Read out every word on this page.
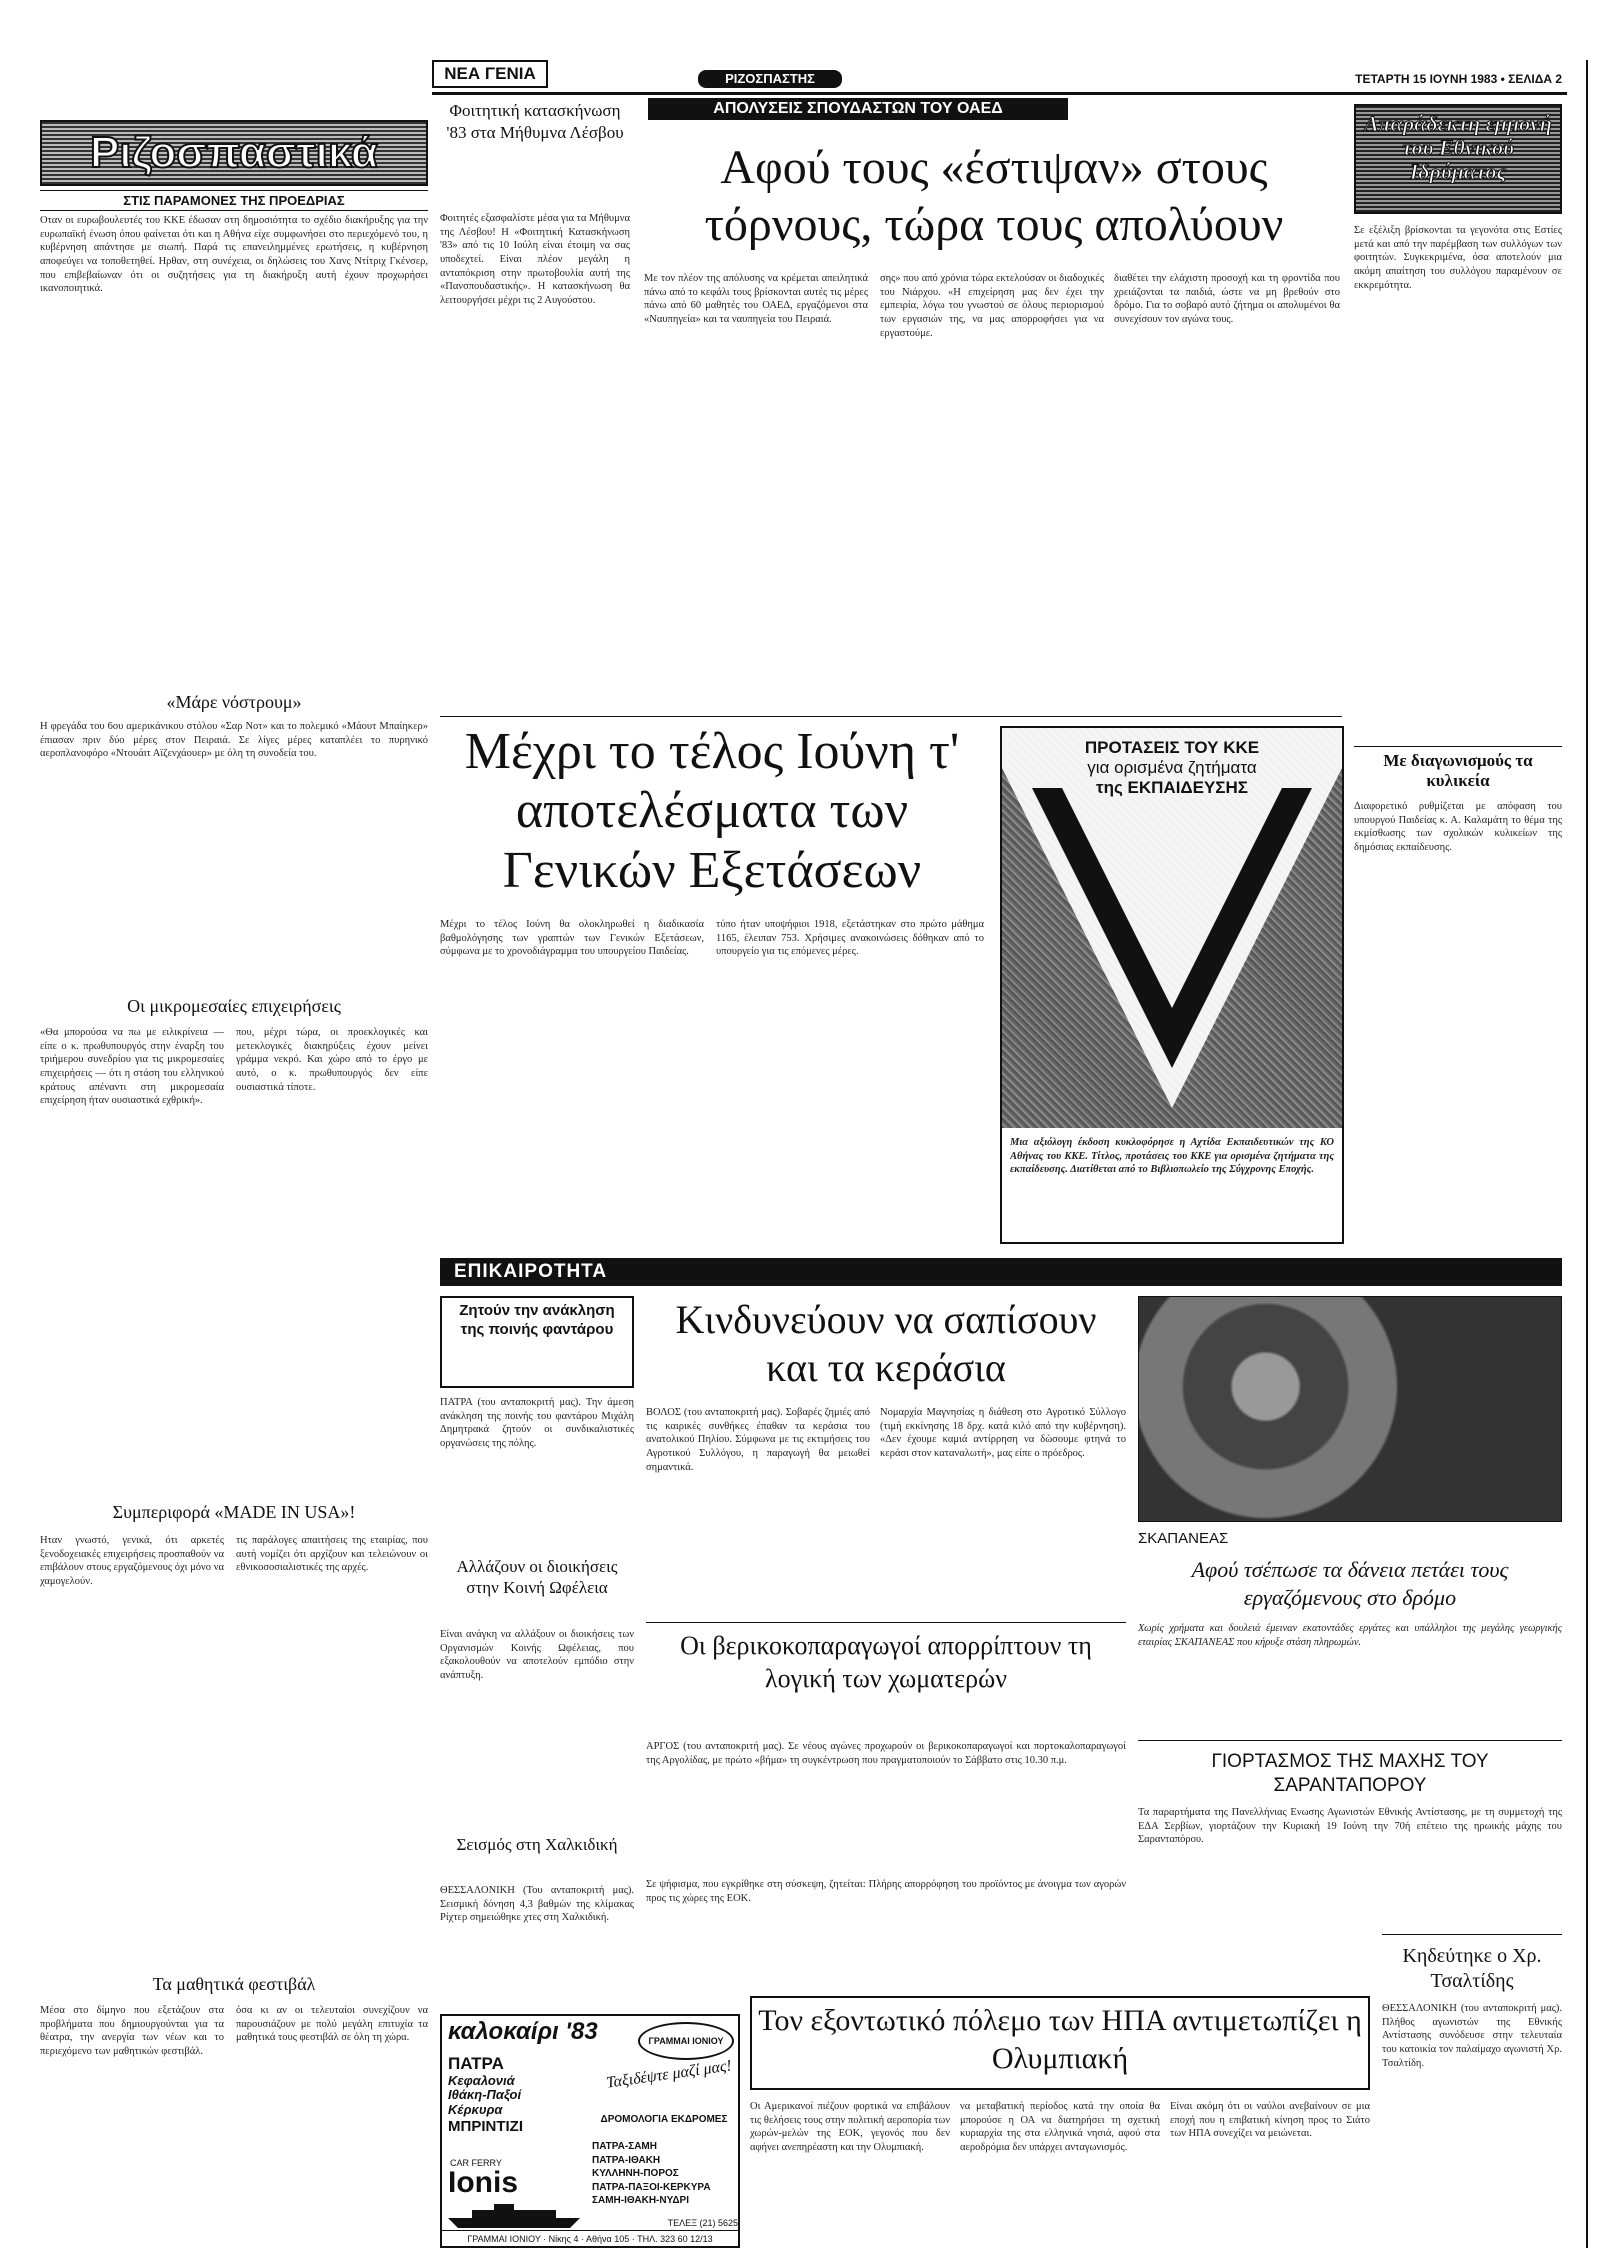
ΝΕΑ ΓΕΝΙΑ	ΡΙΖΟΣΠΑΣΤΗΣ	ΤΕΤΑΡΤΗ 15 ΙΟΥΝΗ 1983 • ΣΕΛΙΔΑ 2
Ριζοσπαστικά
ΣΤΙΣ ΠΑΡΑΜΟΝΕΣ ΤΗΣ ΠΡΟΕΔΡΙΑΣ
Οταν οι ευρωβουλευτές του ΚΚΕ έδωσαν στη δημοσιότητα το σχέδιο διακήρυξης για την ευρωπαϊκή ένωση όπου φαίνεται ότι και η Αθήνα είχε συμφωνήσει στο περιεχόμενό του, η κυβέρνηση απάντησε με σιωπή. Παρά τις επανειλημμένες ερωτήσεις, η κυβέρνηση αποφεύγει να τοποθετηθεί. Ηρθαν, στη συνέχεια, οι δηλώσεις του Χανς Ντίτριχ Γκένσερ, που επιβεβαίωναν ότι οι συζητήσεις για τη διακήρυξη αυτή έχουν προχωρήσει ικανοποιητικά.
«Μάρε νόστρουμ»
Η φρεγάδα του 6ου αμερικάνικου στόλου «Σαρ Νοτ» και το πολεμικό «Μάουτ Μπαίηκερ» έπιασαν πριν δύο μέρες στον Πειραιά. Σε λίγες μέρες καταπλέει το πυρηνικό αεροπλανοφόρο «Ντουάιτ Αϊζενχάουερ» με όλη τη συνοδεία του.
Οι μικρομεσαίες επιχειρήσεις
«Θα μπορούσα να πω με ειλικρίνεια — είπε ο κ. πρωθυπουργός στην έναρξη του τριήμερου συνεδρίου για τις μικρομεσαίες επιχειρήσεις — ότι η στάση του ελληνικού κράτους απέναντι στη μικρομεσαία επιχείρηση ήταν ουσιαστικά εχθρική».
που, μέχρι τώρα, οι προεκλογικές και μετεκλογικές διακηρύξεις έχουν μείνει γράμμα νεκρό. Και χώρο από το έργο με αυτό, ο κ. πρωθυπουργός δεν είπε ουσιαστικά τίποτε.
Συμπεριφορά «MADE IN USA»!
Ηταν γνωστό, γενικά, ότι αρκετές ξενοδοχειακές επιχειρήσεις προσπαθούν να επιβάλουν στους εργαζόμενους όχι μόνο να χαμογελούν.
τις παράλογες απαιτήσεις της εταιρίας, που αυτή νομίζει ότι αρχίζουν και τελειώνουν οι εθνικοσοσιαλιστικές της αρχές.
Τα μαθητικά φεστιβάλ
Μέσα στο δίμηνο που εξετάζουν στα προβλήματα που δημιουργούνται για τα θέατρα, την ανεργία των νέων και το περιεχόμενο των μαθητικών φεστιβάλ.
όσα κι αν οι τελευταίοι συνεχίζουν να παρουσιάζουν με πολύ μεγάλη επιτυχία τα μαθητικά τους φεστιβάλ σε όλη τη χώρα.
Φοιτητική κατασκήνωση '83 στα Μήθυμνα Λέσβου
Φοιτητές εξασφαλίστε μέσα για τα Μήθυμνα της Λέσβου! Η «Φοιτητική Κατασκήνωση '83» από τις 10 Ιούλη είναι έτοιμη να σας υποδεχτεί. Είναι πλέον μεγάλη η ανταπόκριση στην πρωτοβουλία αυτή της «Πανσπουδαστικής». Η κατασκήνωση θα λειτουργήσει μέχρι τις 2 Αυγούστου.
ΑΠΟΛΥΣΕΙΣ ΣΠΟΥΔΑΣΤΩΝ ΤΟΥ ΟΑΕΔ
Αφού τους «έστιψαν» στους τόρνους, τώρα τους απολύουν
Με τον πλέον της απόλυσης να κρέμεται απειλητικά πάνω από το κεφάλι τους βρίσκονται αυτές τις μέρες πάνω από 60 μαθητές του ΟΑΕΔ, εργαζόμενοι στα «Ναυπηγεία» και τα ναυπηγεία του Πειραιά.
σης» που από χρόνια τώρα εκτελούσαν οι διαδοχικές του Νιάρχου. «Η επιχείρηση μας δεν έχει την εμπειρία, λόγω του γνωστού σε όλους περιορισμού των εργασιών της, να μας απορροφήσει για να εργαστούμε.
διαθέτει την ελάχιστη προσοχή και τη φροντίδα που χρειάζονται τα παιδιά, ώστε να μη βρεθούν στο δρόμο. Για το σοβαρό αυτό ζήτημα οι απολυμένοι θα συνεχίσουν τον αγώνα τους.
Απαράδεκτη εμμονή του Εθνικού Ιδρύματος
Σε εξέλιξη βρίσκονται τα γεγονότα στις Εστίες μετά και από την παρέμβαση των συλλόγων των φοιτητών. Συγκεκριμένα, όσα αποτελούν μια ακόμη απαίτηση του συλλόγου παραμένουν σε εκκρεμότητα.
Με διαγωνισμούς τα κυλικεία
Διαφορετικό ρυθμίζεται με απόφαση του υπουργού Παιδείας κ. Α. Καλαμάτη το θέμα της εκμίσθωσης των σχολικών κυλικείων της δημόσιας εκπαίδευσης.
Μέχρι το τέλος Ιούνη τ' αποτελέσματα των Γενικών Εξετάσεων
Μέχρι το τέλος Ιούνη θα ολοκληρωθεί η διαδικασία βαθμολόγησης των γραπτών των Γενικών Εξετάσεων, σύμφωνα με το χρονοδιάγραμμα του υπουργείου Παιδείας.
τύπο ήταν υποψήφιοι 1918, εξετάστηκαν στο πρώτο μάθημα 1165, έλειπαν 753. Χρήσιμες ανακοινώσεις δόθηκαν από το υπουργείο για τις επόμενες μέρες.
ΠΡΟΤΑΣΕΙΣ ΤΟΥ ΚΚΕ
για ορισμένα ζητήματα
της ΕΚΠΑΙΔΕΥΣΗΣ
Μια αξιόλογη έκδοση κυκλοφόρησε η Αχτίδα Εκπαιδευτικών της ΚΟ Αθήνας του ΚΚΕ. Τίτλος, προτάσεις του ΚΚΕ για ορισμένα ζητήματα της εκπαίδευσης. Διατίθεται από το Βιβλιοπωλείο της Σύγχρονης Εποχής.
ΕΠΙΚΑΙΡΟΤΗΤΑ
Ζητούν την ανάκληση της ποινής φαντάρου
ΠΑΤΡΑ (του ανταποκριτή μας). Την άμεση ανάκληση της ποινής του φαντάρου Μιχάλη Δημητρακά ζητούν οι συνδικαλιστικές οργανώσεις της πόλης.
Αλλάζουν οι διοικήσεις στην Κοινή Ωφέλεια
Είναι ανάγκη να αλλάξουν οι διοικήσεις των Οργανισμών Κοινής Ωφέλειας, που εξακολουθούν να αποτελούν εμπόδιο στην ανάπτυξη.
Σεισμός στη Χαλκιδική
ΘΕΣΣΑΛΟΝΙΚΗ (Του ανταποκριτή μας). Σεισμική δόνηση 4,3 βαθμών της κλίμακας Ρίχτερ σημειώθηκε χτες στη Χαλκιδική.
Κινδυνεύουν να σαπίσουν και τα κεράσια
ΒΟΛΟΣ (του ανταποκριτή μας). Σοβαρές ζημιές από τις καιρικές συνθήκες έπαθαν τα κεράσια του ανατολικού Πηλίου. Σύμφωνα με τις εκτιμήσεις του Αγροτικού Συλλόγου, η παραγωγή θα μειωθεί σημαντικά.
Νομαρχία Μαγνησίας η διάθεση στο Αγροτικό Σύλλογο (τιμή εκκίνησης 18 δρχ. κατά κιλό από την κυβέρνηση). «Δεν έχουμε καμιά αντίρρηση να δώσουμε φτηνά το κεράσι στον καταναλωτή», μας είπε ο πρόεδρος.
ΣΚΑΠΑΝΕΑΣ
Αφού τσέπωσε τα δάνεια πετάει τους εργαζόμενους στο δρόμο
Χωρίς χρήματα και δουλειά έμειναν εκατοντάδες εργάτες και υπάλληλοι της μεγάλης γεωργικής εταιρίας ΣΚΑΠΑΝΕΑΣ που κήρυξε στάση πληρωμών.
Οι βερικοκοπαραγωγοί απορρίπτουν τη λογική των χωματερών
ΑΡΓΟΣ (του ανταποκριτή μας). Σε νέους αγώνες προχωρούν οι βερικοκοπαραγωγοί και πορτοκαλοπαραγωγοί της Αργολίδας, με πρώτο «βήμα» τη συγκέντρωση που πραγματοποιούν το Σάββατο στις 10.30 π.μ.
Σε ψήφισμα, που εγκρίθηκε στη σύσκεψη, ζητείται: Πλήρης απορρόφηση του προϊόντος με άνοιγμα των αγορών προς τις χώρες της ΕΟΚ.
ΓΙΟΡΤΑΣΜΟΣ ΤΗΣ ΜΑΧΗΣ ΤΟΥ ΣΑΡΑΝΤΑΠΟΡΟΥ
Τα παραρτήματα της Πανελλήνιας Ενωσης Αγωνιστών Εθνικής Αντίστασης, με τη συμμετοχή της ΕΔΑ Σερβίων, γιορτάζουν την Κυριακή 19 Ιούνη την 70ή επέτειο της ηρωικής μάχης του Σαρανταπόρου.
Τον εξοντωτικό πόλεμο των ΗΠΑ αντιμετωπίζει η Ολυμπιακή
Οι Αμερικανοί πιέζουν φορτικά να επιβάλουν τις θελήσεις τους στην πολιτική αεροπορία των χωρών-μελών της ΕΟΚ, γεγονός που δεν αφήνει ανεπηρέαστη και την Ολυμπιακή.
να μεταβατική περίοδος κατά την οποία θα μπορούσε η ΟΑ να διατηρήσει τη σχετική κυριαρχία της στα ελληνικά νησιά, αφού στα αεροδρόμια δεν υπάρχει ανταγωνισμός.
Είναι ακόμη ότι οι ναύλοι ανεβαίνουν σε μια εποχή που η επιβατική κίνηση προς το Σιάτο των ΗΠΑ συνεχίζει να μειώνεται.
Κηδεύτηκε ο Χρ. Τσαλτίδης
ΘΕΣΣΑΛΟΝΙΚΗ (του ανταποκριτή μας). Πλήθος αγωνιστών της Εθνικής Αντίστασης συνόδευσε στην τελευταία του κατοικία τον παλαίμαχο αγωνιστή Χρ. Τσαλτίδη.
καλοκαίρι '83	ΓΡΑΜΜΑΙ ΙΟΝΙΟΥ
ΠΑΤΡΑ
Κεφαλονιά
Ιθάκη-Παξοί
Κέρκυρα
ΜΠΡΙΝΤΙΖΙ
CAR FERRY
Ionis
Ταξιδέψτε μαζί μας!
ΔΡΟΜΟΛΟΓΙΑ ΕΚΔΡΟΜΕΣ
ΠΑΤΡΑ-ΣΑΜΗ
ΠΑΤΡΑ-ΙΘΑΚΗ
ΚΥΛΛΗΝΗ-ΠΟΡΟΣ
ΠΑΤΡΑ-ΠΑΞΟΙ-ΚΕΡΚΥΡΑ
ΣΑΜΗ-ΙΘΑΚΗ-ΝΥΔΡΙ
ΤΕΛΕΞ (21) 5625
ΓΡΑΜΜΑΙ ΙΟΝΙΟΥ · Νίκης 4 · Αθήνα 105 · ΤΗΛ. 323 60 12/13
